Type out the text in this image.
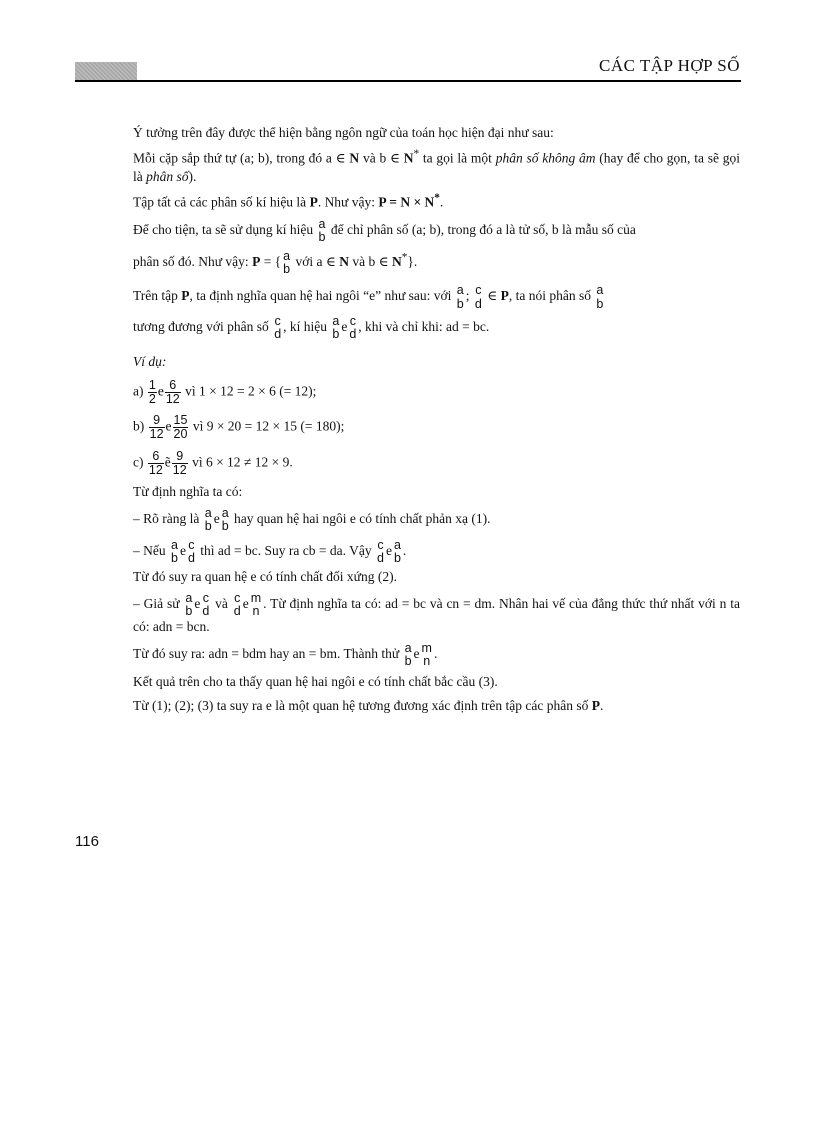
CÁC TẬP HỢP SỐ

Ý tưởng trên đây được thể hiện bằng ngôn ngữ của toán học hiện đại như sau:

Mỗi cặp sắp thứ tự (a; b), trong đó a ∈ N và b ∈ N* ta gọi là một phân số không âm (hay để cho gọn, ta sẽ gọi là phân số).

Tập tất cả các phân số kí hiệu là P. Như vậy: P = N × N*.

Để cho tiện, ta sẽ sử dụng kí hiệu a
b để chỉ phân số (a; b), trong đó a là tử số, b là mẫu số của

phân số đó. Như vậy: P = { a
b với a ∈ N và b ∈ N*}.

Trên tập P, ta định nghĩa quan hệ hai ngôi “e” như sau: với a
b ; c
d ∈ P, ta nói phân số a
b

tương đương với phân số c
d , kí hiệu a
b e c
d , khi và chỉ khi: ad = bc.

Ví dụ:

$a) \frac{1}{2}$ e $\frac{6}{12}$ vì 1 × 12 = 2 × 6 (= 12);

$b) \frac{9}{12}$ e $\frac{15}{20}$ vì 9 × 20 = 12 × 15 (= 180);

$c) \frac{6}{12}$ ẽ $\frac{9}{12}$ vì 6 × 12 ≠ 12 × 9.

Từ định nghĩa ta có:

– Rõ ràng là a
b e a
b hay quan hệ hai ngôi e có tính chất phản xạ (1).

– Nếu a
b e c
d thì ad = bc. Suy ra cb = da. Vậy c
d e a
b .

Từ đó suy ra quan hệ e có tính chất đối xứng (2).

– Giả sử a
b e c
d và c
d e m
n . Từ định nghĩa ta có: ad = bc và cn = dm. Nhân hai vế của đẳng thức thứ nhất với n ta có: adn = bcn.

Từ đó suy ra: adn = bdm hay an = bm. Thành thử a
b e m
n .

Kết quả trên cho ta thấy quan hệ hai ngôi e có tính chất bắc cầu (3).

Từ (1); (2); (3) ta suy ra e là một quan hệ tương đương xác định trên tập các phân số P.

116
